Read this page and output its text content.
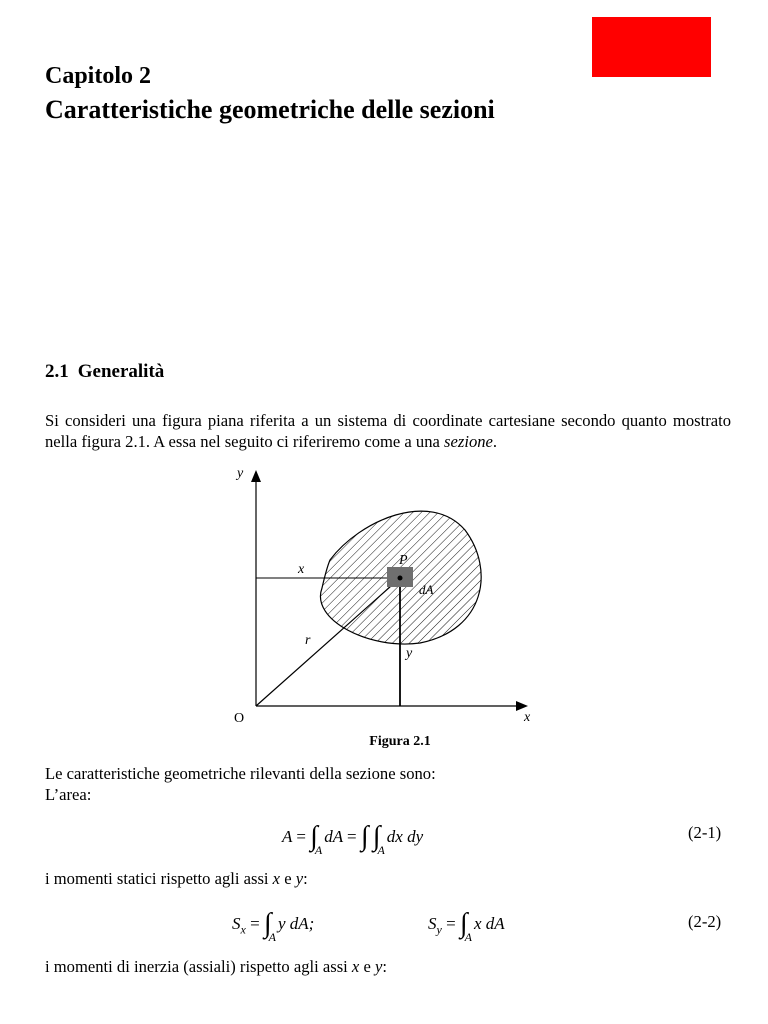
Capitolo 2
Caratteristiche geometriche delle sezioni
2.1 Generalità
Si consideri una figura piana riferita a un sistema di coordinate cartesiane secondo quanto mostrato nella figura 2.1. A essa nel seguito ci riferiremo come a una sezione.
y
x
O
x
y
r
P
dA
Figura 2.1
Le caratteristiche geometriche rilevanti della sezione sono:
L’area:
$A = \int_AdA$ = ∫ $\int_Adx$ dy	(2-1)
i momenti statici rispetto agli assi x e y:
$S_x = \int_Ay$ dA;	$S_y = \int_Ax$ dA	(2-2)
i momenti di inerzia (assiali) rispetto agli assi x e y:
